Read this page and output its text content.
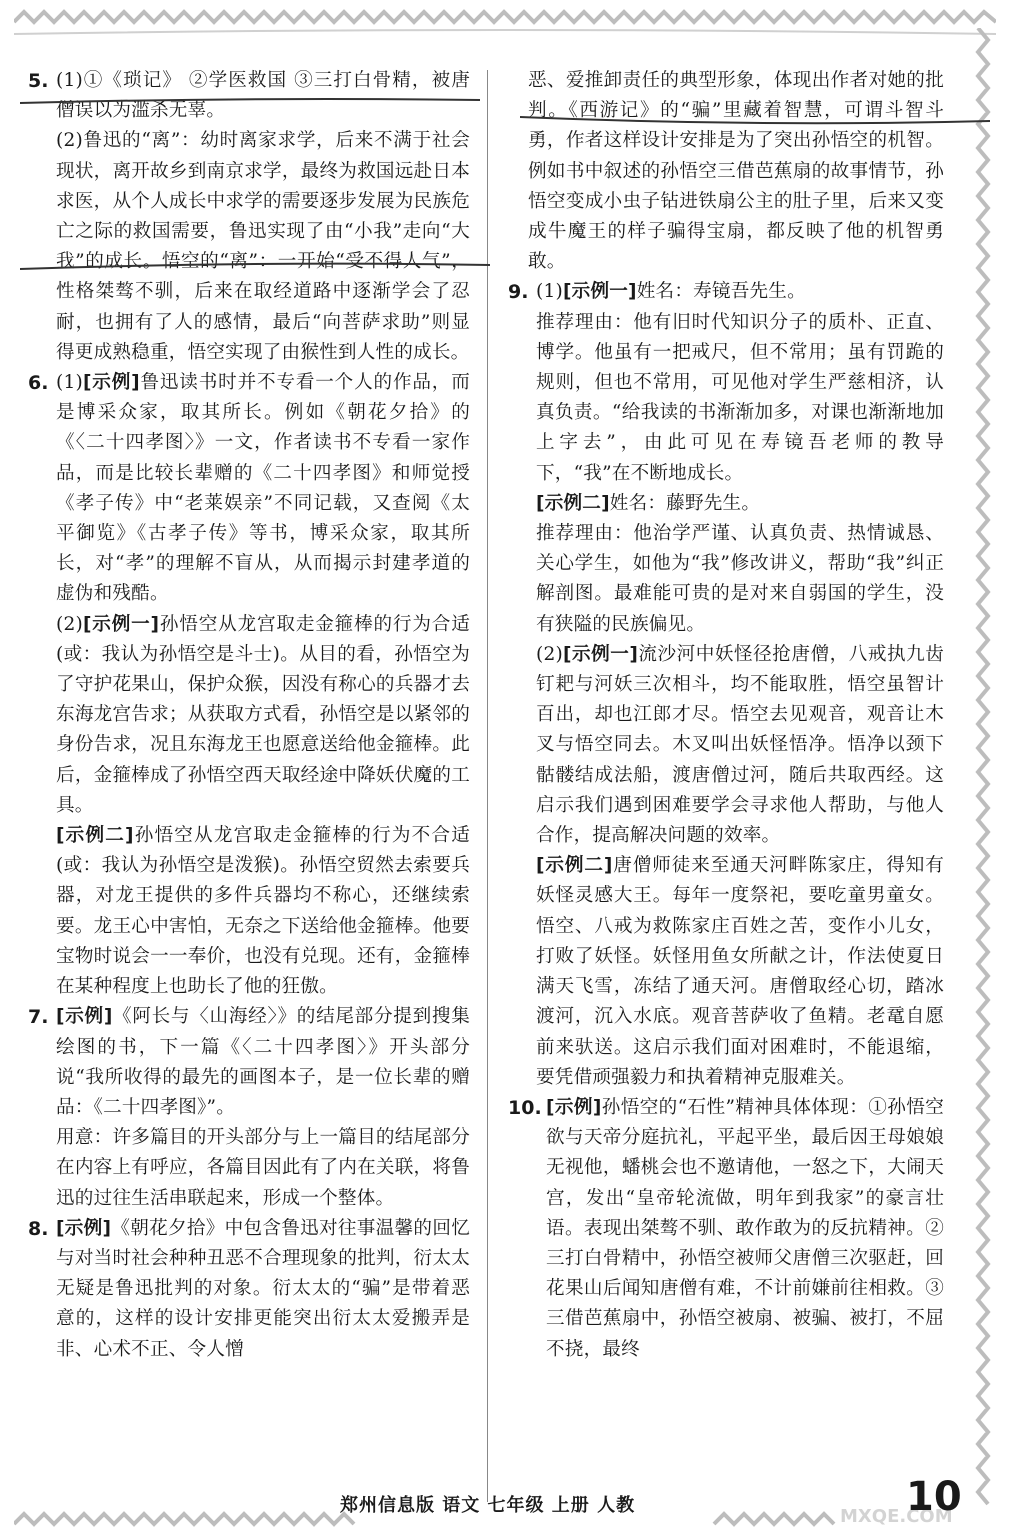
5. (1)①《琐记》 ②学医救国 ③三打白骨精，被唐僧误以为滥杀无辜。

(2)鲁迅的“离”：幼时离家求学，后来不满于社会现状，离开故乡到南京求学，最终为救国远赴日本求医，从个人成长中求学的需要逐步发展为民族危亡之际的救国需要，鲁迅实现了由“小我”走向“大我”的成长。悟空的“离”：一开始“受不得人气”，性格桀骜不驯，后来在取经道路中逐渐学会了忍耐，也拥有了人的感情，最后“向菩萨求助”则显得更成熟稳重，悟空实现了由猴性到人性的成长。

6. (1)[示例]鲁迅读书时并不专看一个人的作品，而是博采众家，取其所长。例如《朝花夕拾》的《〈二十四孝图〉》一文，作者读书不专看一家作品，而是比较长辈赠的《二十四孝图》和师觉授《孝子传》中“老莱娱亲”不同记载，又查阅《太平御览》《古孝子传》等书，博采众家，取其所长，对“孝”的理解不盲从，从而揭示封建孝道的虚伪和残酷。

(2)[示例一]孙悟空从龙宫取走金箍棒的行为合适(或：我认为孙悟空是斗士)。从目的看，孙悟空为了守护花果山，保护众猴，因没有称心的兵器才去东海龙宫告求；从获取方式看，孙悟空是以紧邻的身份告求，况且东海龙王也愿意送给他金箍棒。此后，金箍棒成了孙悟空西天取经途中降妖伏魔的工具。

[示例二]孙悟空从龙宫取走金箍棒的行为不合适(或：我认为孙悟空是泼猴)。孙悟空贸然去索要兵器，对龙王提供的多件兵器均不称心，还继续索要。龙王心中害怕，无奈之下送给他金箍棒。他要宝物时说会一一奉价，也没有兑现。还有，金箍棒在某种程度上也助长了他的狂傲。

7. [示例]《阿长与〈山海经〉》的结尾部分提到搜集绘图的书，下一篇《〈二十四孝图〉》开头部分说“我所收得的最先的画图本子，是一位长辈的赠品：《二十四孝图》”。

用意：许多篇目的开头部分与上一篇目的结尾部分在内容上有呼应，各篇目因此有了内在关联，将鲁迅的过往生活串联起来，形成一个整体。

8. [示例]《朝花夕拾》中包含鲁迅对往事温馨的回忆与对当时社会种种丑恶不合理现象的批判，衍太太无疑是鲁迅批判的对象。衍太太的“骗”是带着恶意的，这样的设计安排更能突出衍太太爱搬弄是非、心术不正、令人憎

恶、爱推卸责任的典型形象，体现出作者对她的批判。《西游记》的“骗”里藏着智慧，可谓斗智斗勇，作者这样设计安排是为了突出孙悟空的机智。例如书中叙述的孙悟空三借芭蕉扇的故事情节，孙悟空变成小虫子钻进铁扇公主的肚子里，后来又变成牛魔王的样子骗得宝扇，都反映了他的机智勇敢。

9. (1)[示例一]姓名：寿镜吾先生。

推荐理由：他有旧时代知识分子的质朴、正直、博学。他虽有一把戒尺，但不常用；虽有罚跪的规则，但也不常用，可见他对学生严慈相济，认真负责。“给我读的书渐渐加多，对课也渐渐地加上字去”，由此可见在寿镜吾老师的教导下，“我”在不断地成长。

[示例二]姓名：藤野先生。

推荐理由：他治学严谨、认真负责、热情诚恳、关心学生，如他为“我”修改讲义，帮助“我”纠正解剖图。最难能可贵的是对来自弱国的学生，没有狭隘的民族偏见。

(2)[示例一]流沙河中妖怪径抢唐僧，八戒执九齿钉耙与河妖三次相斗，均不能取胜，悟空虽智计百出，却也江郎才尽。悟空去见观音，观音让木叉与悟空同去。木叉叫出妖怪悟净。悟净以颈下骷髅结成法船，渡唐僧过河，随后共取西经。这启示我们遇到困难要学会寻求他人帮助，与他人合作，提高解决问题的效率。

[示例二]唐僧师徒来至通天河畔陈家庄，得知有妖怪灵感大王。每年一度祭祀，要吃童男童女。悟空、八戒为救陈家庄百姓之苦，变作小儿女，打败了妖怪。妖怪用鱼女所献之计，作法使夏日满天飞雪，冻结了通天河。唐僧取经心切，踏冰渡河，沉入水底。观音菩萨收了鱼精。老鼋自愿前来驮送。这启示我们面对困难时，不能退缩，要凭借顽强毅力和执着精神克服难关。

10. [示例]孙悟空的“石性”精神具体体现：①孙悟空欲与天帝分庭抗礼，平起平坐，最后因王母娘娘无视他，蟠桃会也不邀请他，一怒之下，大闹天宫，发出“皇帝轮流做，明年到我家”的豪言壮语。表现出桀骜不驯、敢作敢为的反抗精神。②三打白骨精中，孙悟空被师父唐僧三次驱赶，回花果山后闻知唐僧有难，不计前嫌前往相救。③三借芭蕉扇中，孙悟空被扇、被骗、被打，不屈不挠，最终

郑州信息版 语文 七年级 上册 人教
MXQE.COM
10
